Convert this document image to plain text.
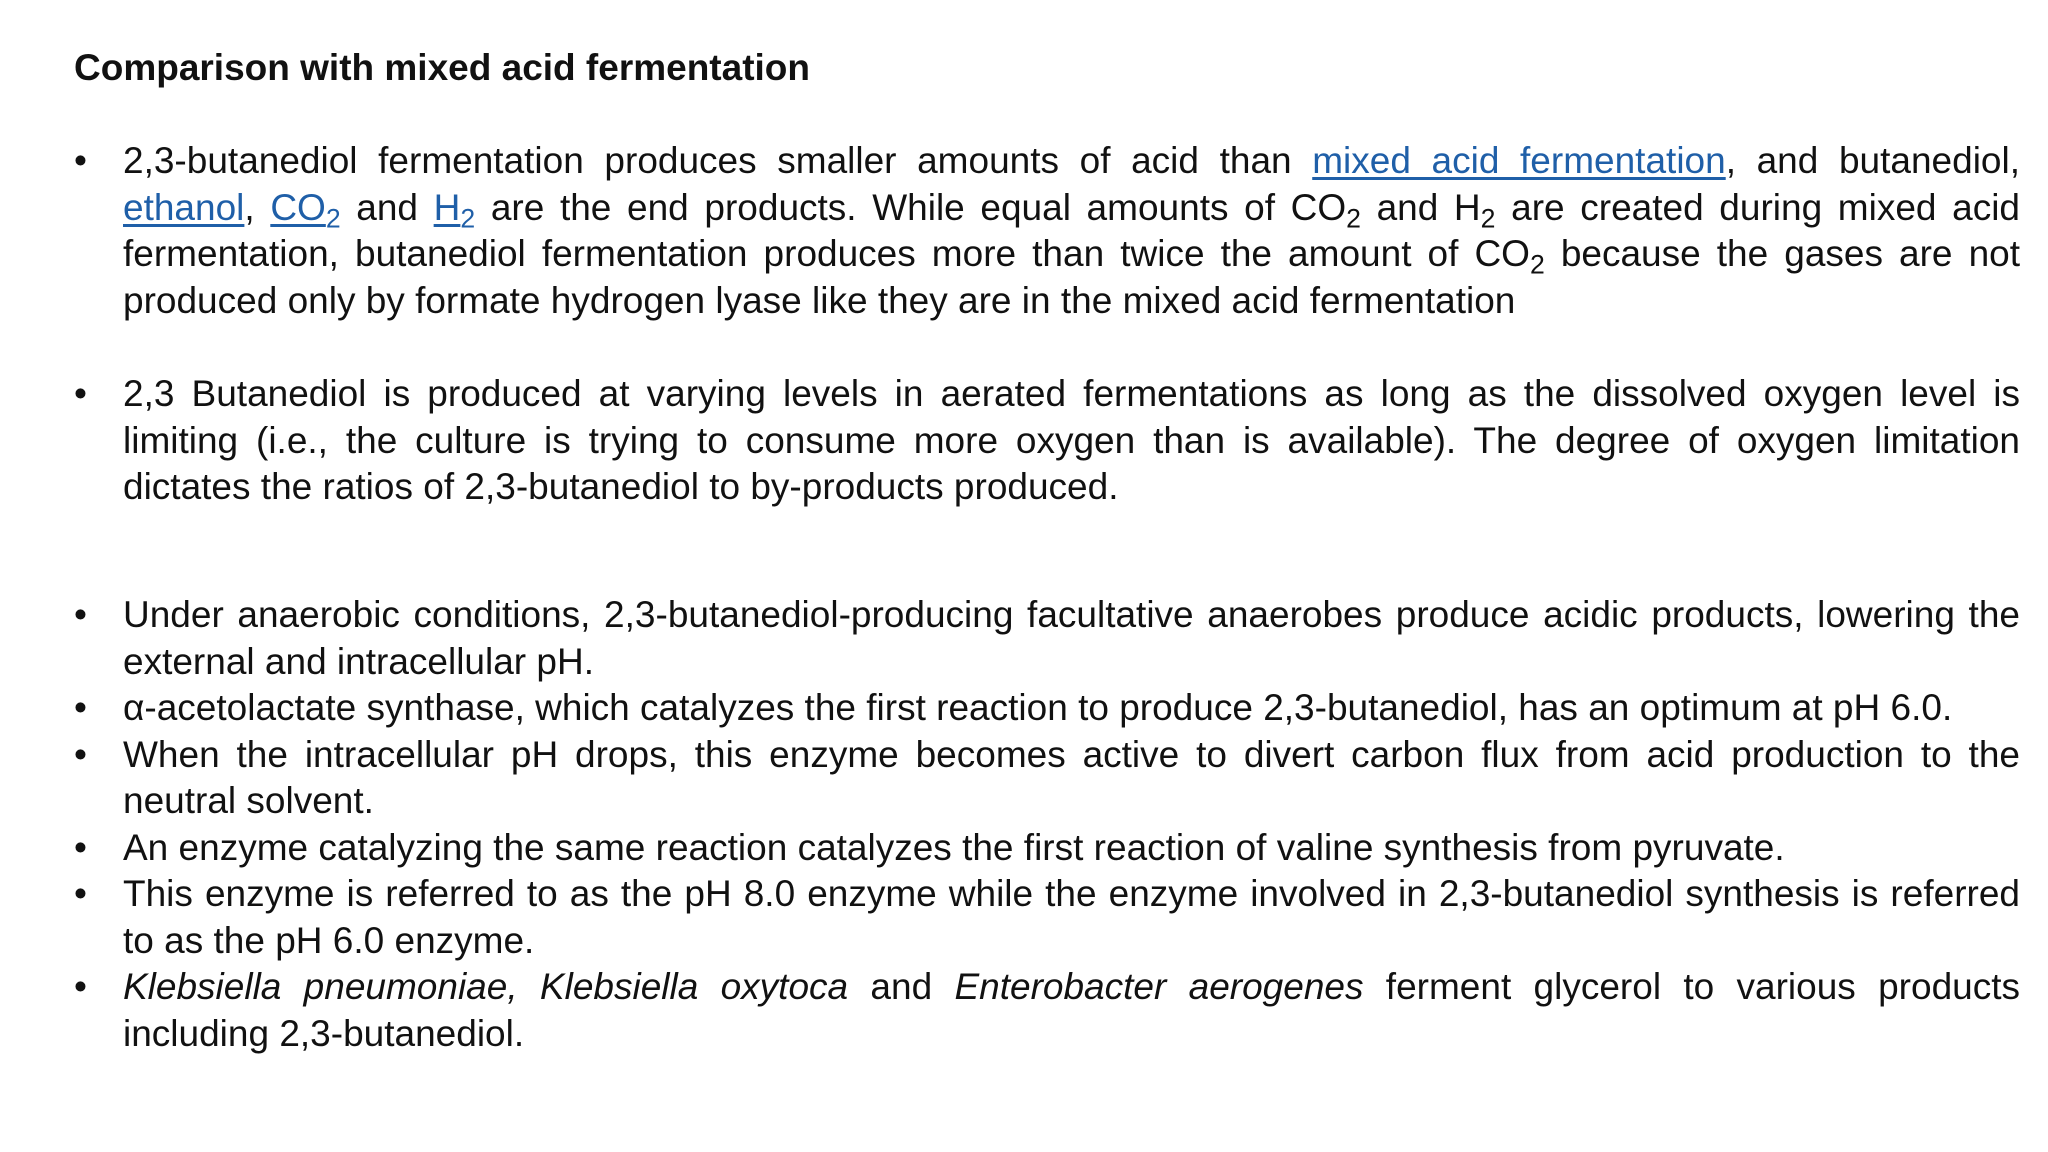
Comparison with mixed acid fermentation
• 2,3-butanediol fermentation produces smaller amounts of acid than mixed acid fermentation, and butanediol, ethanol, $CO_2$ and $H_2$ are the end products. While equal amounts of $CO_2$ and $H_2$ are created during mixed acid fermentation, butanediol fermentation produces more than twice the amount of $CO_2$ because the gases are not produced only by formate hydrogen lyase like they are in the mixed acid fermentation
• 2,3 Butanediol is produced at varying levels in aerated fermentations as long as the dissolved oxygen level is limiting (i.e., the culture is trying to consume more oxygen than is available). The degree of oxygen limitation dictates the ratios of 2,3-butanediol to by-products produced.
• Under anaerobic conditions, 2,3-butanediol-producing facultative anaerobes produce acidic products, lowering the external and intracellular pH.
• α-acetolactate synthase, which catalyzes the first reaction to produce 2,3-butanediol, has an optimum at pH 6.0.
• When the intracellular pH drops, this enzyme becomes active to divert carbon flux from acid production to the neutral solvent.
• An enzyme catalyzing the same reaction catalyzes the first reaction of valine synthesis from pyruvate.
• This enzyme is referred to as the pH 8.0 enzyme while the enzyme involved in 2,3-butanediol synthesis is referred to as the pH 6.0 enzyme.
• Klebsiella pneumoniae, Klebsiella oxytoca and Enterobacter aerogenes ferment glycerol to various products including 2,3-butanediol.
